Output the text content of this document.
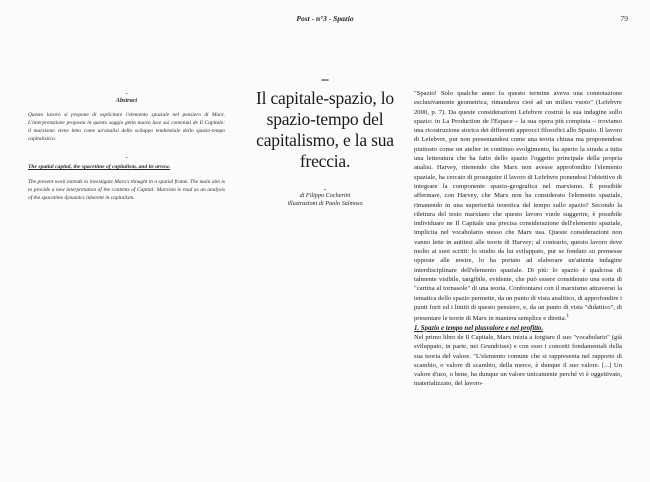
Post - n°3 - Spazio	79
-
Abstract

Questo lavoro si propone di esplicitare l'elemento spaziale nel pensiero di Marx. L'interpretazione proposta in questo saggio getta nuova luce sui contenuti de Il Capitale: il marxismo viene letto come un'analisi dello sviluppo tendenziale dello spazio-tempo capitalistico.

-

The spatial capital, the spacetime of capitalism, and its arrow.

The present work intends to investigate Marx's thought in a spatial frame. The main aim is to provide a new interpretation of the contents of Capital: Marxism is read as an analysis of the spacetime dynamics inherent in capitalism.

–
Il capitale-spazio, lo spazio-tempo del capitalismo, e la sua freccia.
-

di Filippo Cocherini

illustrazioni di Paolo Salmoso

"Spazio! Solo qualche anno fa questo termine aveva una connotazione esclusivamente geometrica, rimandava cioè ad un milieu vuoto" (Lefebvre 2000, p. 7). Da queste considerazioni Lefebvre costruì la sua indagine sullo spazio: in La Production de l'Espace – la sua opera più compiuta – troviamo una ricostruzione storica dei differenti approcci filosofici allo Spazio. Il lavoro di Lefebvre, pur non presentandosi come una teoria chiusa ma proponendosi piuttosto come un atelier in continuo svolgimento, ha aperto la strada a tutta una letteratura che ha fatto dello spazio l'oggetto principale della propria analisi. Harvey, ritenendo che Marx non avesse approfondito l'elemento spaziale, ha cercato di proseguire il lavoro di Lefebvre ponendosi l'obiettivo di integrare la componente spazio-geografica nel marxismo. È possibile affermare, con Harvey, che Marx non ha considerato l'elemento spaziale, rimanendo in una superiorità teoretica del tempo sullo spazio? Secondo la rilettura del testo marxiano che questo lavoro vuole suggerire, è possibile individuare ne Il Capitale una precisa considerazione dell'elemento spaziale, implicita nel vocabolario stesso che Marx usa. Queste considerazioni non vanno lette in antitesi alle teorie di Harvey; al contrario, questo lavoro deve molto ai suoi scritti: lo studio da lui sviluppato, pur se fondato su premesse opposte alle nostre, lo ha portato ad elaborare un'attenta indagine interdisciplinare dell'elemento spaziale. Di più: lo spazio è qualcosa di talmente visibile, tangibile, evidente, che può essere considerato una sorta di "cartina al tornasole" di una teoria. Confrontarsi con il marxismo attraverso la tematica dello spazio permette, da un punto di vista analitico, di approfondire i punti forti ed i limiti di questo pensiero, e, da un punto di vista "didattico", di presentare le teorie di Marx in maniera semplice e diretta.$^1$

1. Spazio e tempo nel plusvalore e nel profitto.

Nel primo libro de Il Capitale, Marx inizia a forgiare il suo "vocabolario" (già sviluppato, in parte, nei Grundrisse) e con esso i concetti fondamentali della sua teoria del valore. "L'elemento comune che si rappresenta nel rapporto di scambio, o valore di scambio, della merce, è dunque il suo valore. [...] Un valore d'uso, o bene, ha dunque un valore unicamente perché vi è oggettivato, materializzato, del lavoro-
